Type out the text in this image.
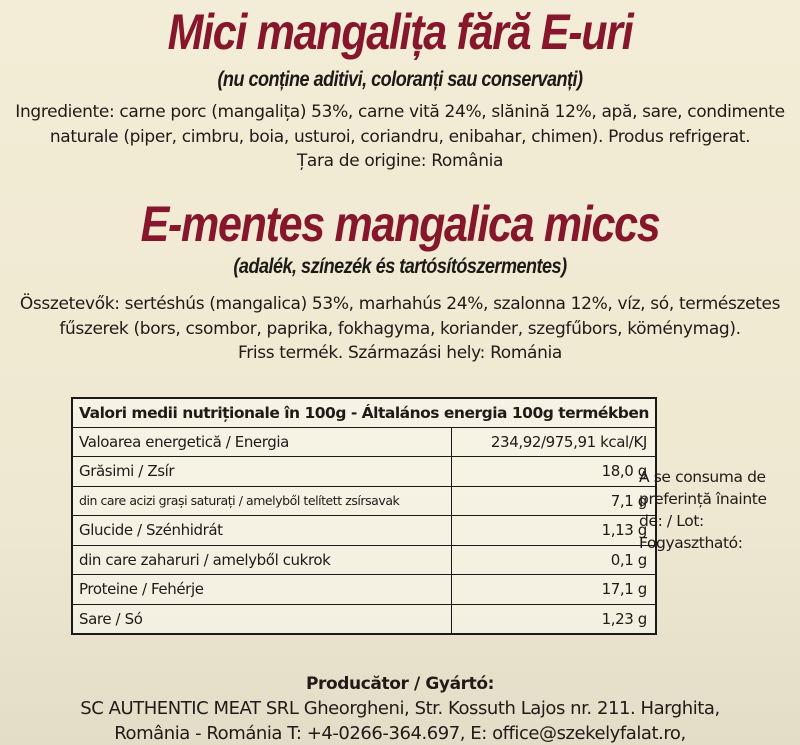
Mici mangalița fără E-uri
(nu conține aditivi, coloranți sau conservanți)
Ingrediente: carne porc (mangalița) 53%, carne vită 24%, slănină 12%, apă, sare, condimente
naturale (piper, cimbru, boia, usturoi, coriandru, enibahar, chimen). Produs refrigerat.
Țara de origine: România
E-mentes mangalica miccs
(adalék, színezék és tartósítószermentes)
Összetevők: sertéshús (mangalica) 53%, marhahús 24%, szalonna 12%, víz, só, természetes
fűszerek (bors, csombor, paprika, fokhagyma, koriander, szegfűbors, köménymag).
Friss termék. Származási hely: Románia
Valori medii nutriționale în 100g - Általános energia 100g termékben	
Valoarea energetică / Energia	234,92/975,91 kcal/KJ
Grăsimi / Zsír	18,0 g
din care acizi grași saturați / amelyből telített zsírsavak	7,1 g
Glucide / Szénhidrát	1,13 g
din care zaharuri / amelyből cukrok	0,1 g
Proteine / Fehérje	17,1 g
Sare / Só	1,23 g
A se consuma de
preferință înainte
de: / Lot:
Fogyasztható:
Producător / Gyártó:
SC AUTHENTIC MEAT SRL Gheorgheni, Str. Kossuth Lajos nr. 211. Harghita,
România - Románia T: +4-0266-364.697, E: office@szekelyfalat.ro,
